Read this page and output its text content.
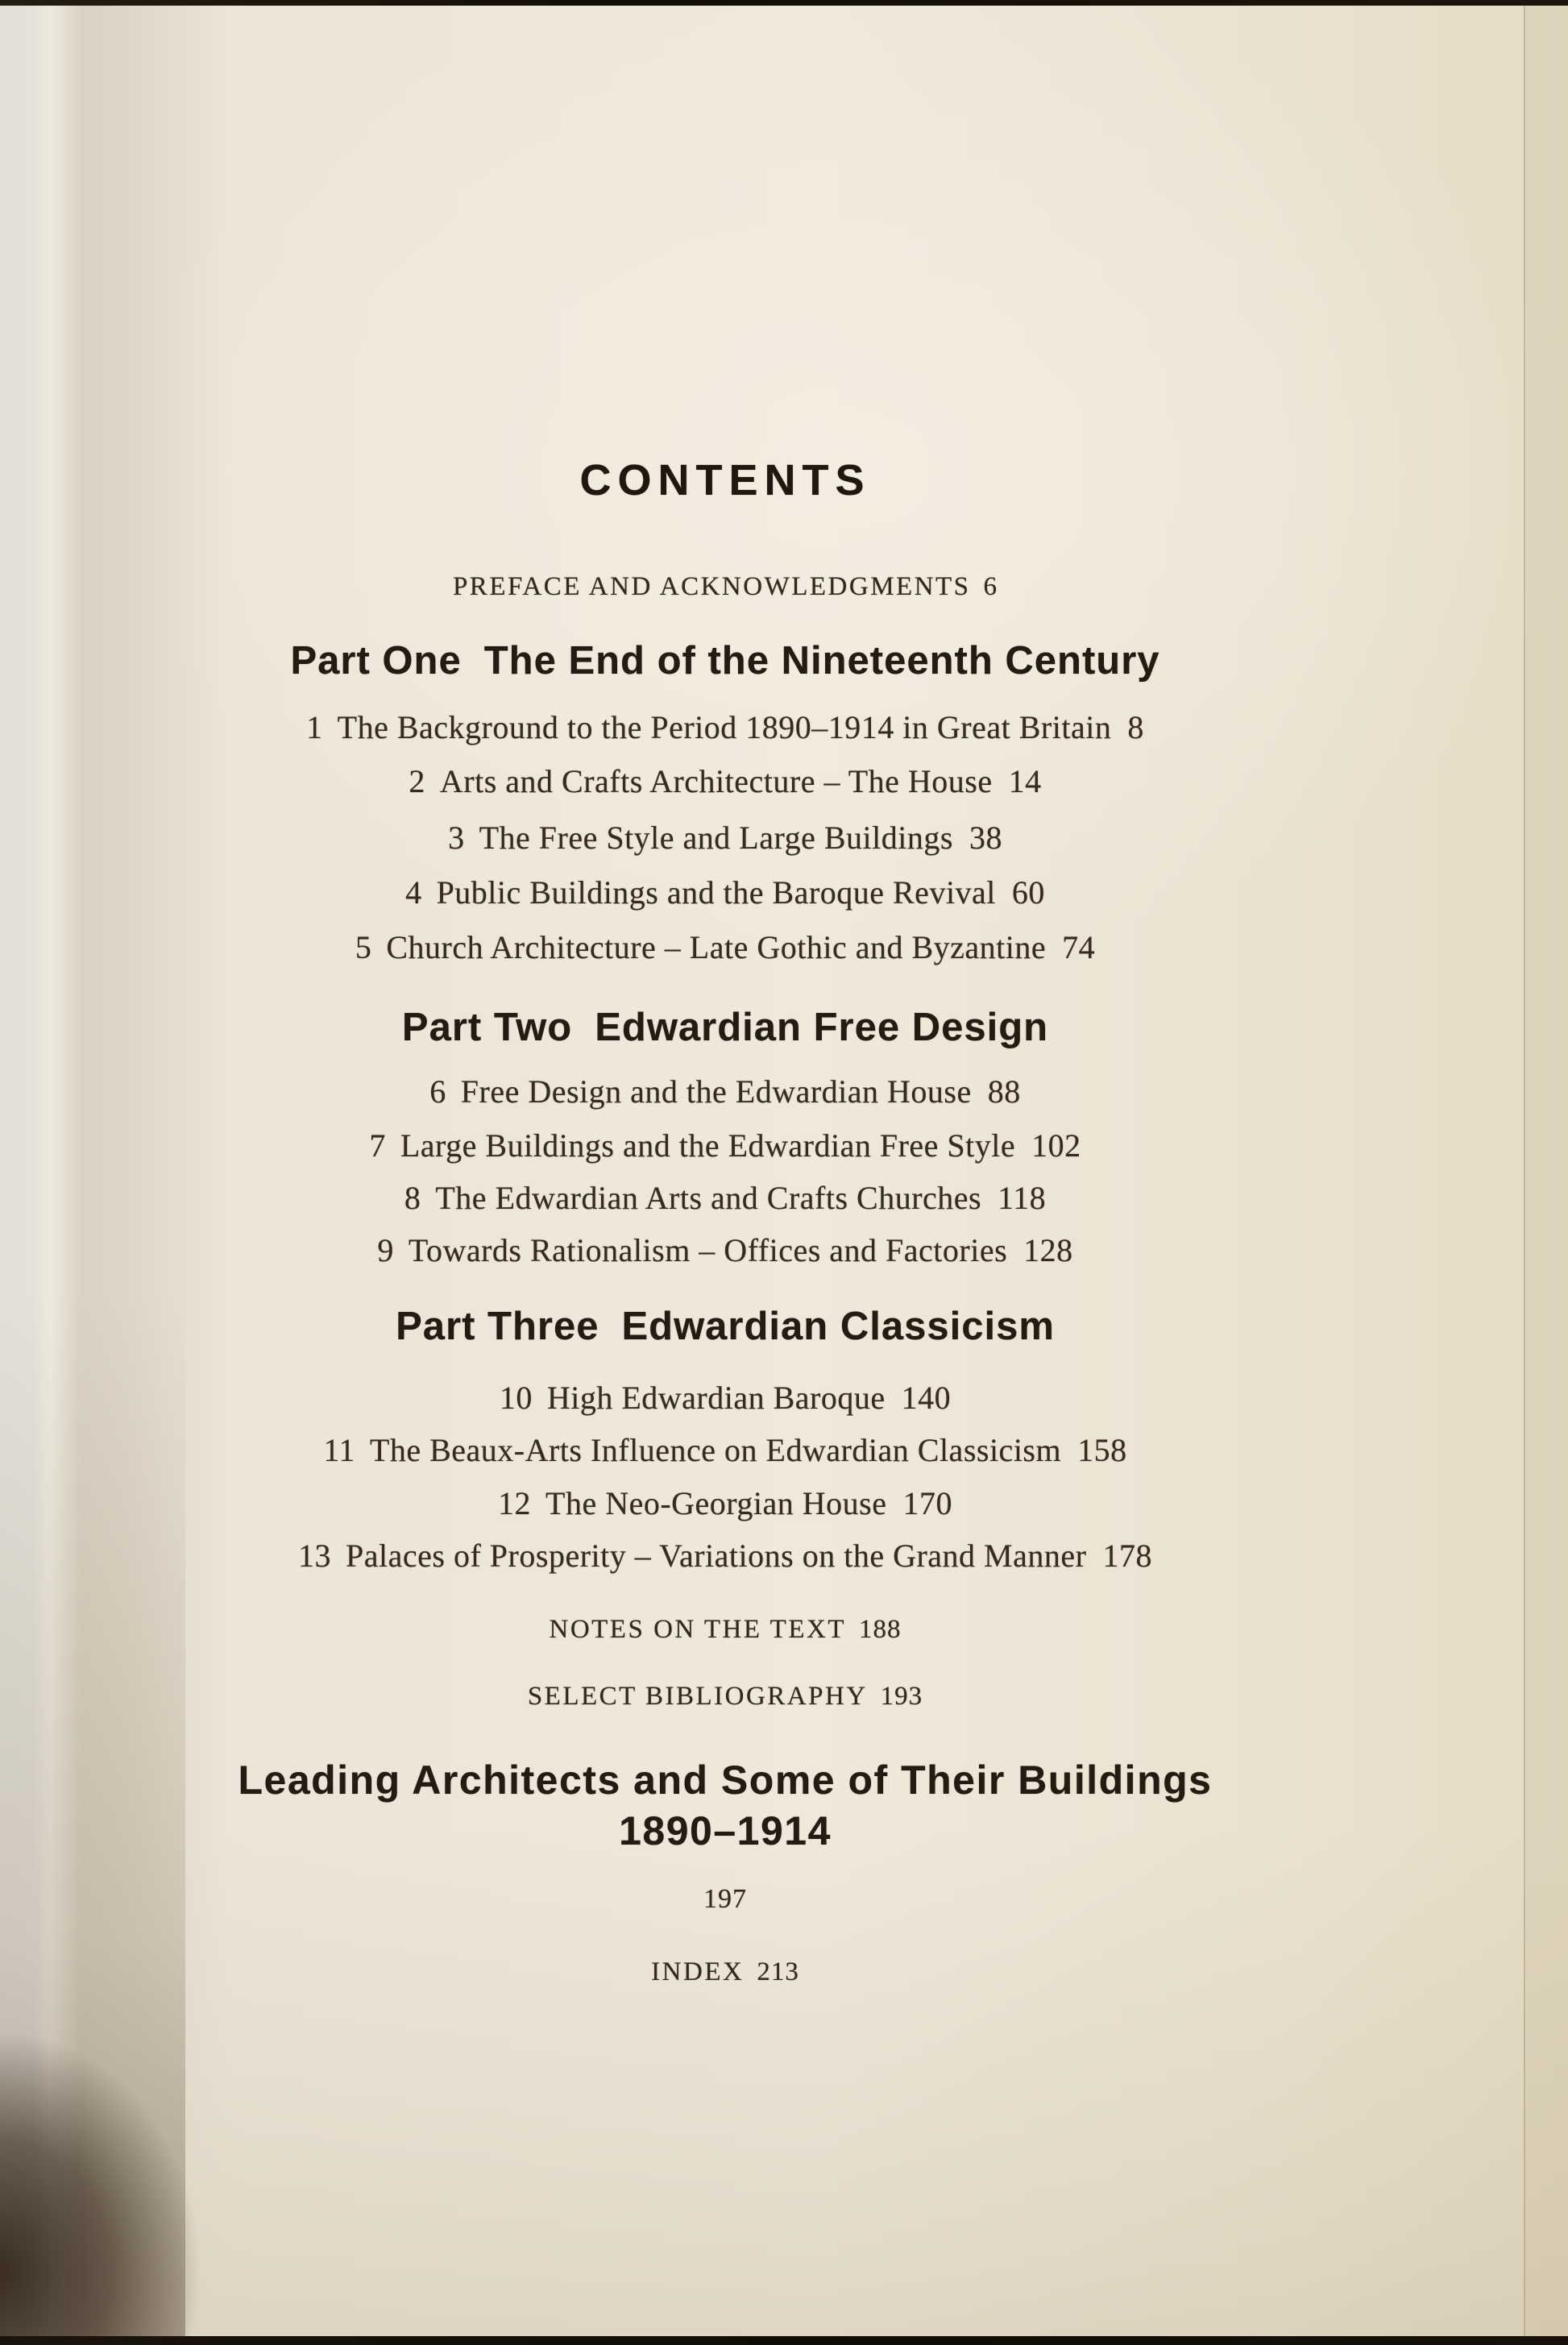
CONTENTS
PREFACE AND ACKNOWLEDGMENTS 6
Part One The End of the Nineteenth Century
1 The Background to the Period 1890–1914 in Great Britain 8
2 Arts and Crafts Architecture – The House 14
3 The Free Style and Large Buildings 38
4 Public Buildings and the Baroque Revival 60
5 Church Architecture – Late Gothic and Byzantine 74
Part Two Edwardian Free Design
6 Free Design and the Edwardian House 88
7 Large Buildings and the Edwardian Free Style 102
8 The Edwardian Arts and Crafts Churches 118
9 Towards Rationalism – Offices and Factories 128
Part Three Edwardian Classicism
10 High Edwardian Baroque 140
11 The Beaux-Arts Influence on Edwardian Classicism 158
12 The Neo-Georgian House 170
13 Palaces of Prosperity – Variations on the Grand Manner 178
NOTES ON THE TEXT 188
SELECT BIBLIOGRAPHY 193
Leading Architects and Some of Their Buildings
1890–1914
197
INDEX 213
